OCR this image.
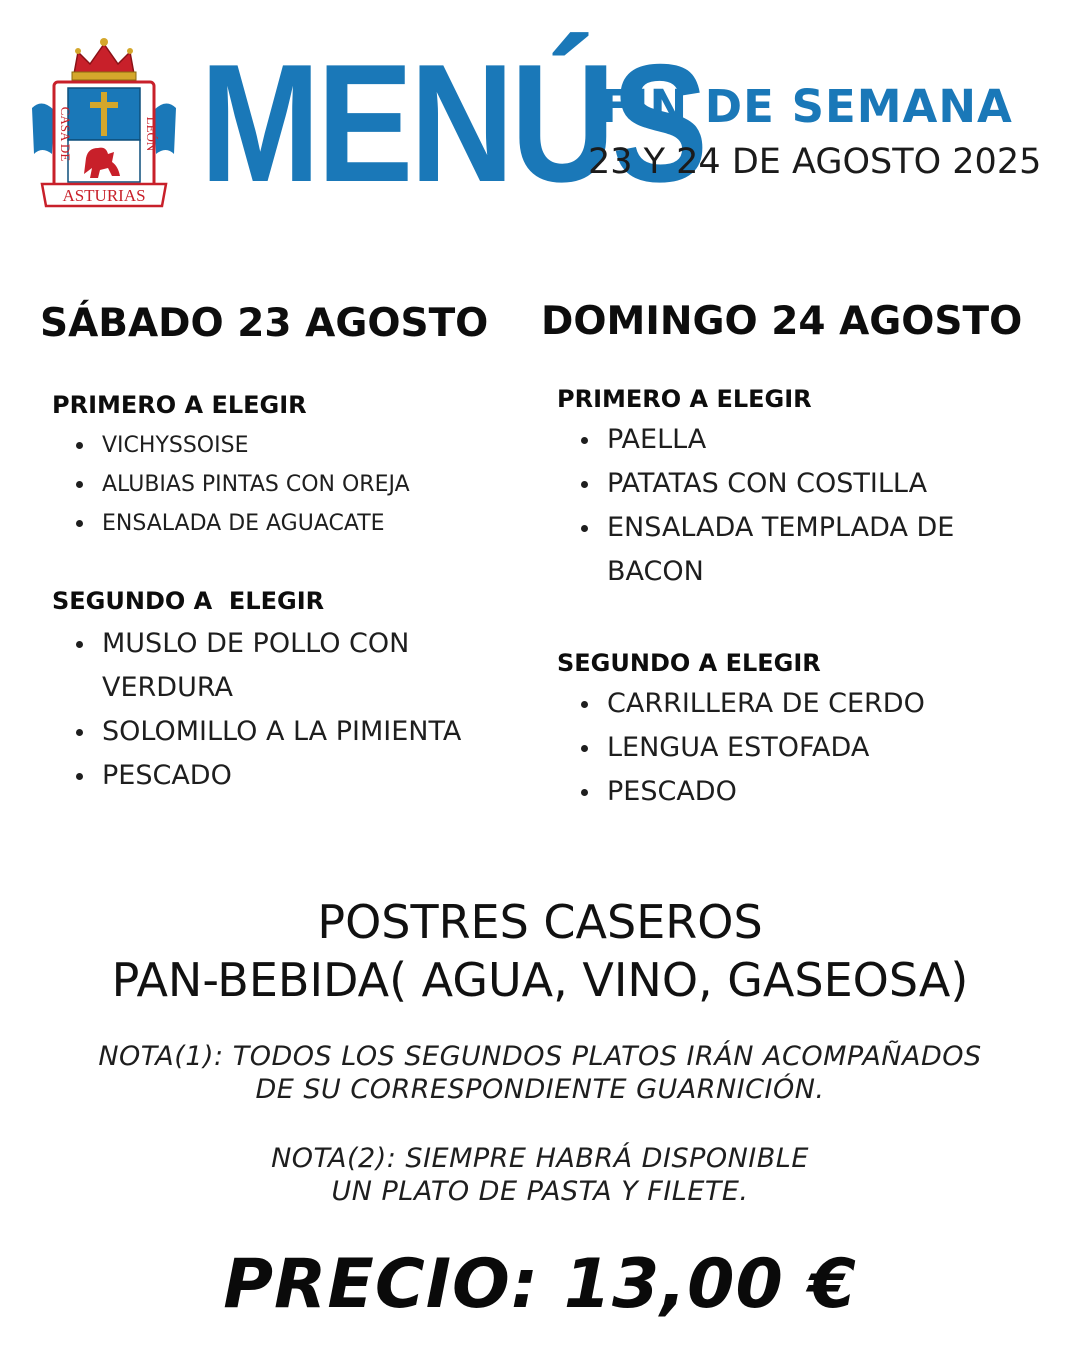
CASA DE	LEÓN
ASTURIAS MENÚS
FIN DE SEMANA
23 Y 24 DE AGOSTO 2025
SÁBADO 23 AGOSTO
PRIMERO A ELEGIR
VICHYSSOISE
ALUBIAS PINTAS CON OREJA
ENSALADA DE AGUACATE
SEGUNDO A  ELEGIR
MUSLO DE POLLO CON VERDURA
SOLOMILLO A LA PIMIENTA
PESCADO
DOMINGO 24 AGOSTO
PRIMERO A ELEGIR
PAELLA
PATATAS CON COSTILLA
ENSALADA TEMPLADA DE BACON
SEGUNDO A ELEGIR
CARRILLERA DE CERDO
LENGUA ESTOFADA
PESCADO
POSTRES CASEROS
PAN-BEBIDA( AGUA, VINO, GASEOSA)
NOTA(1): TODOS LOS SEGUNDOS PLATOS IRÁN ACOMPAÑADOS
DE SU CORRESPONDIENTE GUARNICIÓN.
NOTA(2): SIEMPRE HABRÁ DISPONIBLE
UN PLATO DE PASTA Y FILETE.
PRECIO: 13,00 €
